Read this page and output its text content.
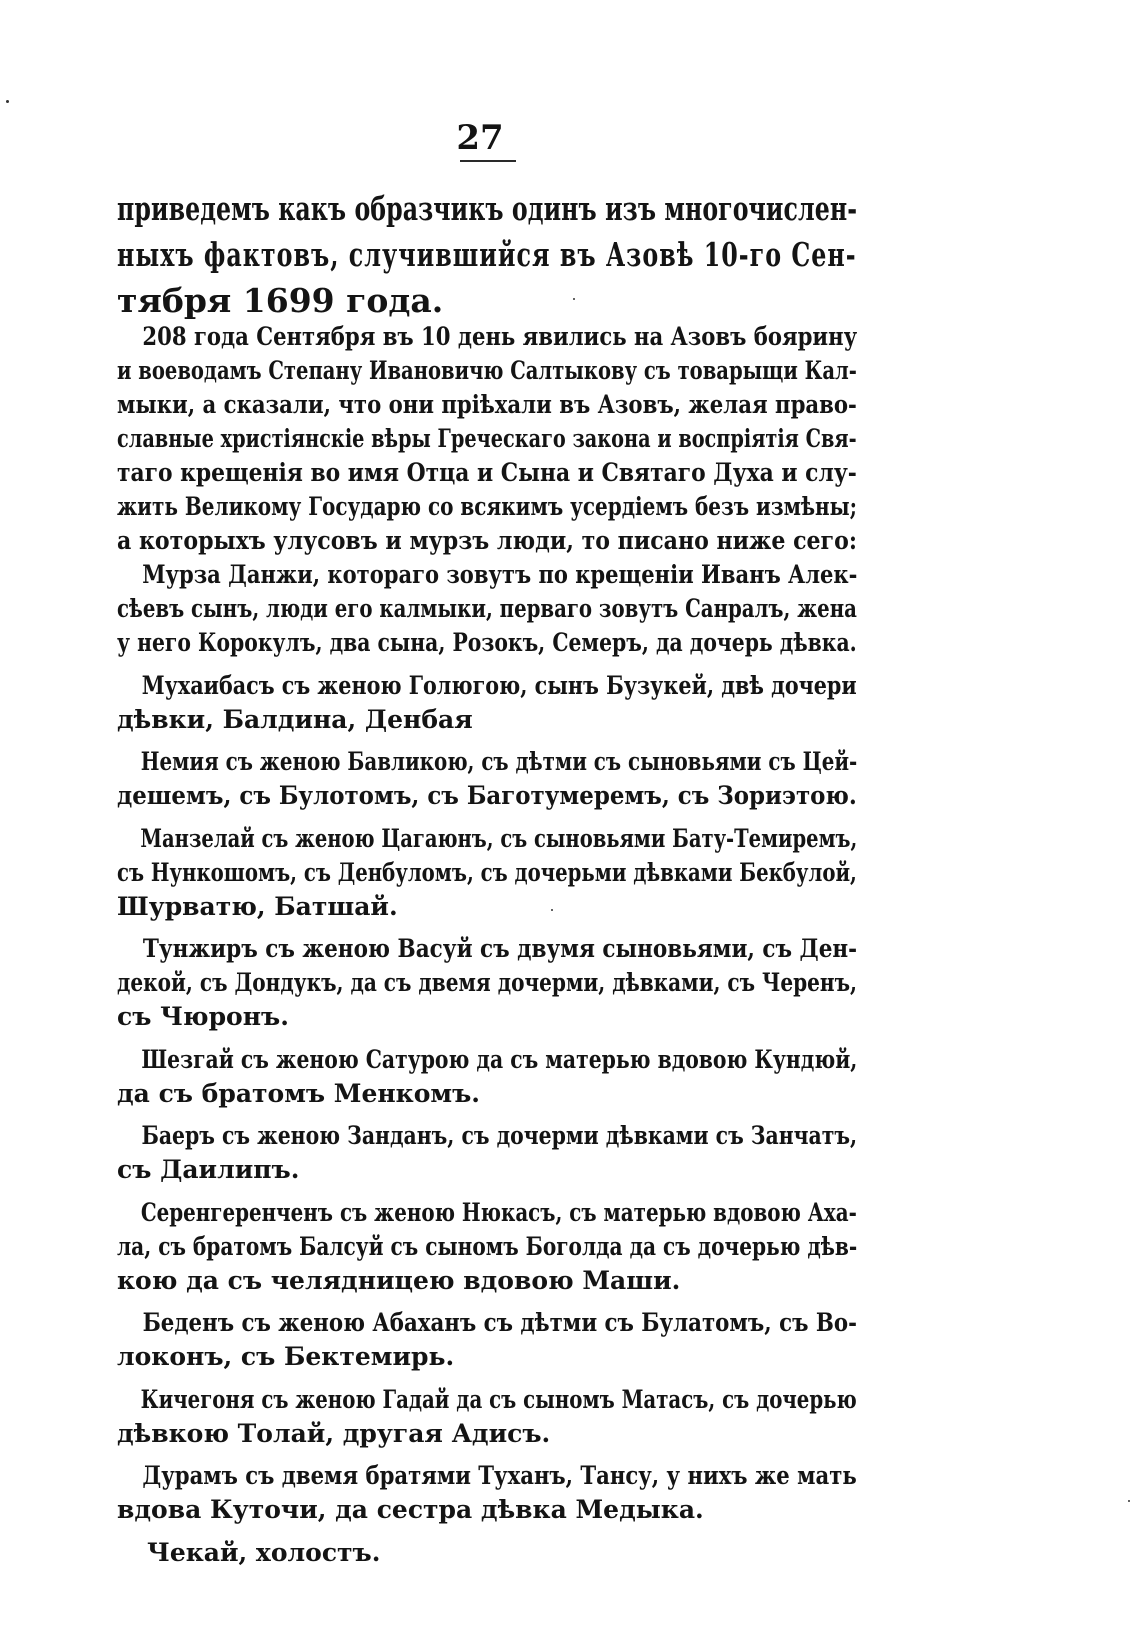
27
приведемъ какъ образчикъ одинъ изъ многочислен-
ныхъ фактовъ, случившийся въ Азовѣ 10-го Сен-
тября 1699 года.
208 года Сентября въ 10 день явились на Азовъ боярину
и воеводамъ Степану Ивановичю Салтыкову съ товарыщи Кал-
мыки, а сказали, что они прiѣхали въ Азовъ, желая право-
славные христiянскiе вѣры Греческаго закона и воспрiятiя Свя-
таго крещенiя во имя Отца и Сына и Святаго Духа и слу-
жить Великому Государю со всякимъ усердiемъ безъ измѣны;
а которыхъ улусовъ и мурзъ люди, то писано ниже сего:
Мурза Данжи, котораго зовутъ по крещенiи Иванъ Алек-
сѣевъ сынъ, люди его калмыки, перваго зовутъ Санралъ, жена
у него Корокулъ, два сына, Розокъ, Семеръ, да дочерь дѣвка.
Мухаибасъ съ женою Голюгою, сынъ Бузукей, двѣ дочери
дѣвки, Балдина, Денбая
Немия съ женою Бавликою, съ дѣтми съ сыновьями съ Цей-
дешемъ, съ Булотомъ, съ Баготумеремъ, съ Зориэтою.
Манзелай съ женою Цагаюнъ, съ сыновьями Бату-Темиремъ,
съ Нункошомъ, съ Денбуломъ, съ дочерьми дѣвками Бекбулой,
Шурватю, Батшай.
Тунжиръ съ женою Васуй съ двумя сыновьями, съ Ден-
декой, съ Дондукъ, да съ двемя дочерми, дѣвками, съ Черенъ,
съ Чюронъ.
Шезгай съ женою Сатурою да съ матерью вдовою Кундюй,
да съ братомъ Менкомъ.
Баеръ съ женою Занданъ, съ дочерми дѣвками съ Занчатъ,
съ Даилипъ.
Серенгеренченъ съ женою Нюкасъ, съ матерью вдовою Аха-
ла, съ братомъ Балсуй съ сыномъ Боголда да съ дочерью дѣв-
кою да съ челядницею вдовою Маши.
Беденъ съ женою Абаханъ съ дѣтми съ Булатомъ, съ Во-
локонъ, съ Бектемирь.
Кичегоня съ женою Гадай да съ сыномъ Матасъ, съ дочерью
дѣвкою Толай, другая Адисъ.
Дурамъ съ двемя братями Туханъ, Тансу, у нихъ же мать
вдова Куточи, да сестра дѣвка Медыка.
Чекай, холостъ.
